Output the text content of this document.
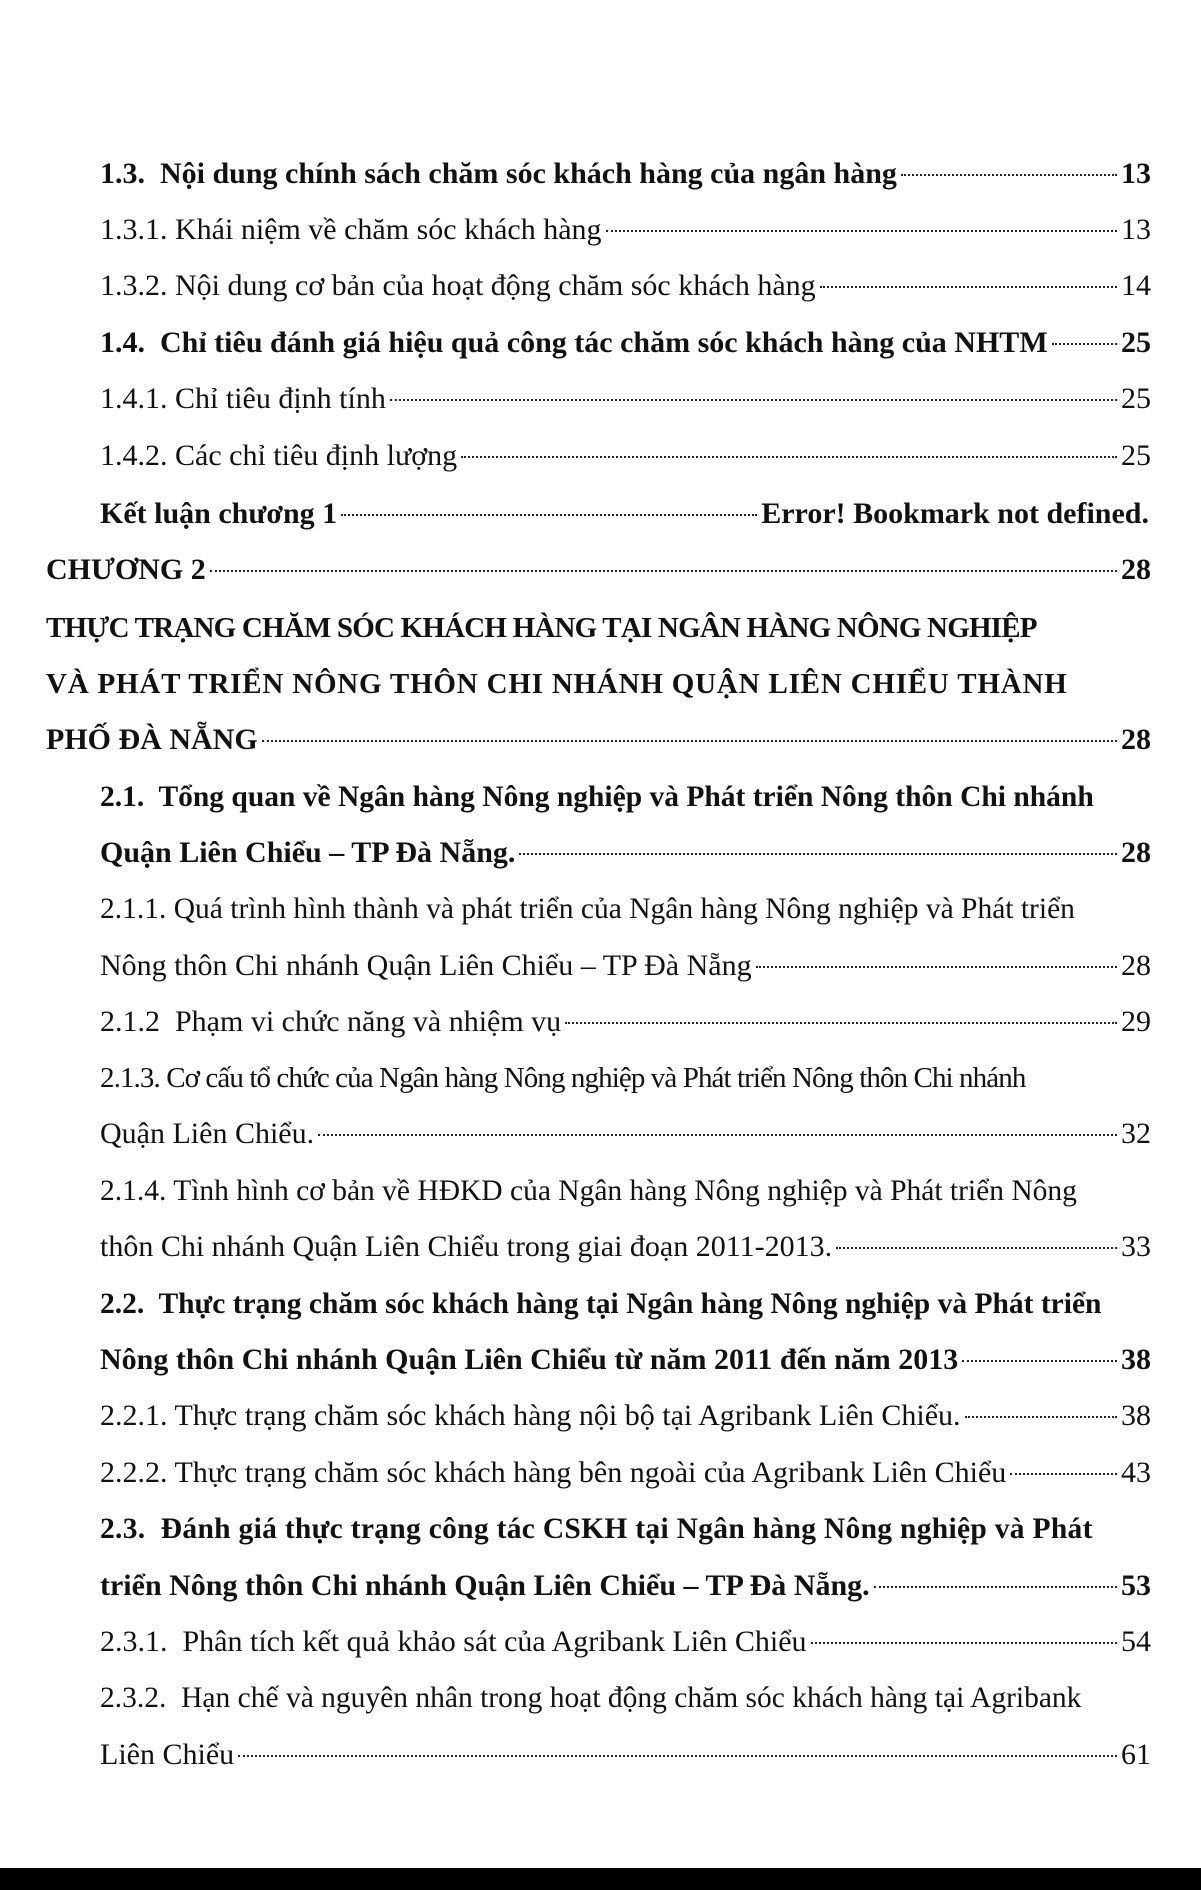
1.3.  Nội dung chính sách chăm sóc khách hàng của ngân hàng	13
1.3.1. Khái niệm về chăm sóc khách hàng	13
1.3.2. Nội dung cơ bản của hoạt động chăm sóc khách hàng	14
1.4.  Chỉ tiêu đánh giá hiệu quả công tác chăm sóc khách hàng của NHTM 25
1.4.1. Chỉ tiêu định tính	25
1.4.2. Các chỉ tiêu định lượng	25
Kết luận chương 1	Error! Bookmark not defined.
CHƯƠNG 2	28
THỰC TRẠNG CHĂM SÓC KHÁCH HÀNG TẠI NGÂN HÀNG NÔNG NGHIỆP
VÀ PHÁT TRIỂN NÔNG THÔN CHI NHÁNH QUẬN LIÊN CHIỂU THÀNH
PHỐ ĐÀ NẴNG	28
2.1.  Tổng quan về Ngân hàng Nông nghiệp và Phát triển Nông thôn Chi nhánh
Quận Liên Chiểu – TP Đà Nẵng.	28
2.1.1. Quá trình hình thành và phát triển của Ngân hàng Nông nghiệp và Phát triển
Nông thôn Chi nhánh Quận Liên Chiểu – TP Đà Nẵng	28
2.1.2  Phạm vi chức năng và nhiệm vụ	29
2.1.3. Cơ cấu tổ chức của Ngân hàng Nông nghiệp và Phát triển Nông thôn Chi nhánh
Quận Liên Chiểu.	32
2.1.4. Tình hình cơ bản về HĐKD của Ngân hàng Nông nghiệp và Phát triển Nông
thôn Chi nhánh Quận Liên Chiểu trong giai đoạn 2011-2013.	33
2.2.  Thực trạng chăm sóc khách hàng tại Ngân hàng Nông nghiệp và Phát triển
Nông thôn Chi nhánh Quận Liên Chiểu từ năm 2011 đến năm 2013	38
2.2.1. Thực trạng chăm sóc khách hàng nội bộ tại Agribank Liên Chiểu.	38
2.2.2. Thực trạng chăm sóc khách hàng bên ngoài của Agribank Liên Chiểu	43
2.3.  Đánh giá thực trạng công tác CSKH tại Ngân hàng Nông nghiệp và Phát
triển Nông thôn Chi nhánh Quận Liên Chiểu – TP Đà Nẵng.	53
2.3.1.  Phân tích kết quả khảo sát của Agribank Liên Chiểu	54
2.3.2.  Hạn chế và nguyên nhân trong hoạt động chăm sóc khách hàng tại Agribank
Liên Chiểu	61
